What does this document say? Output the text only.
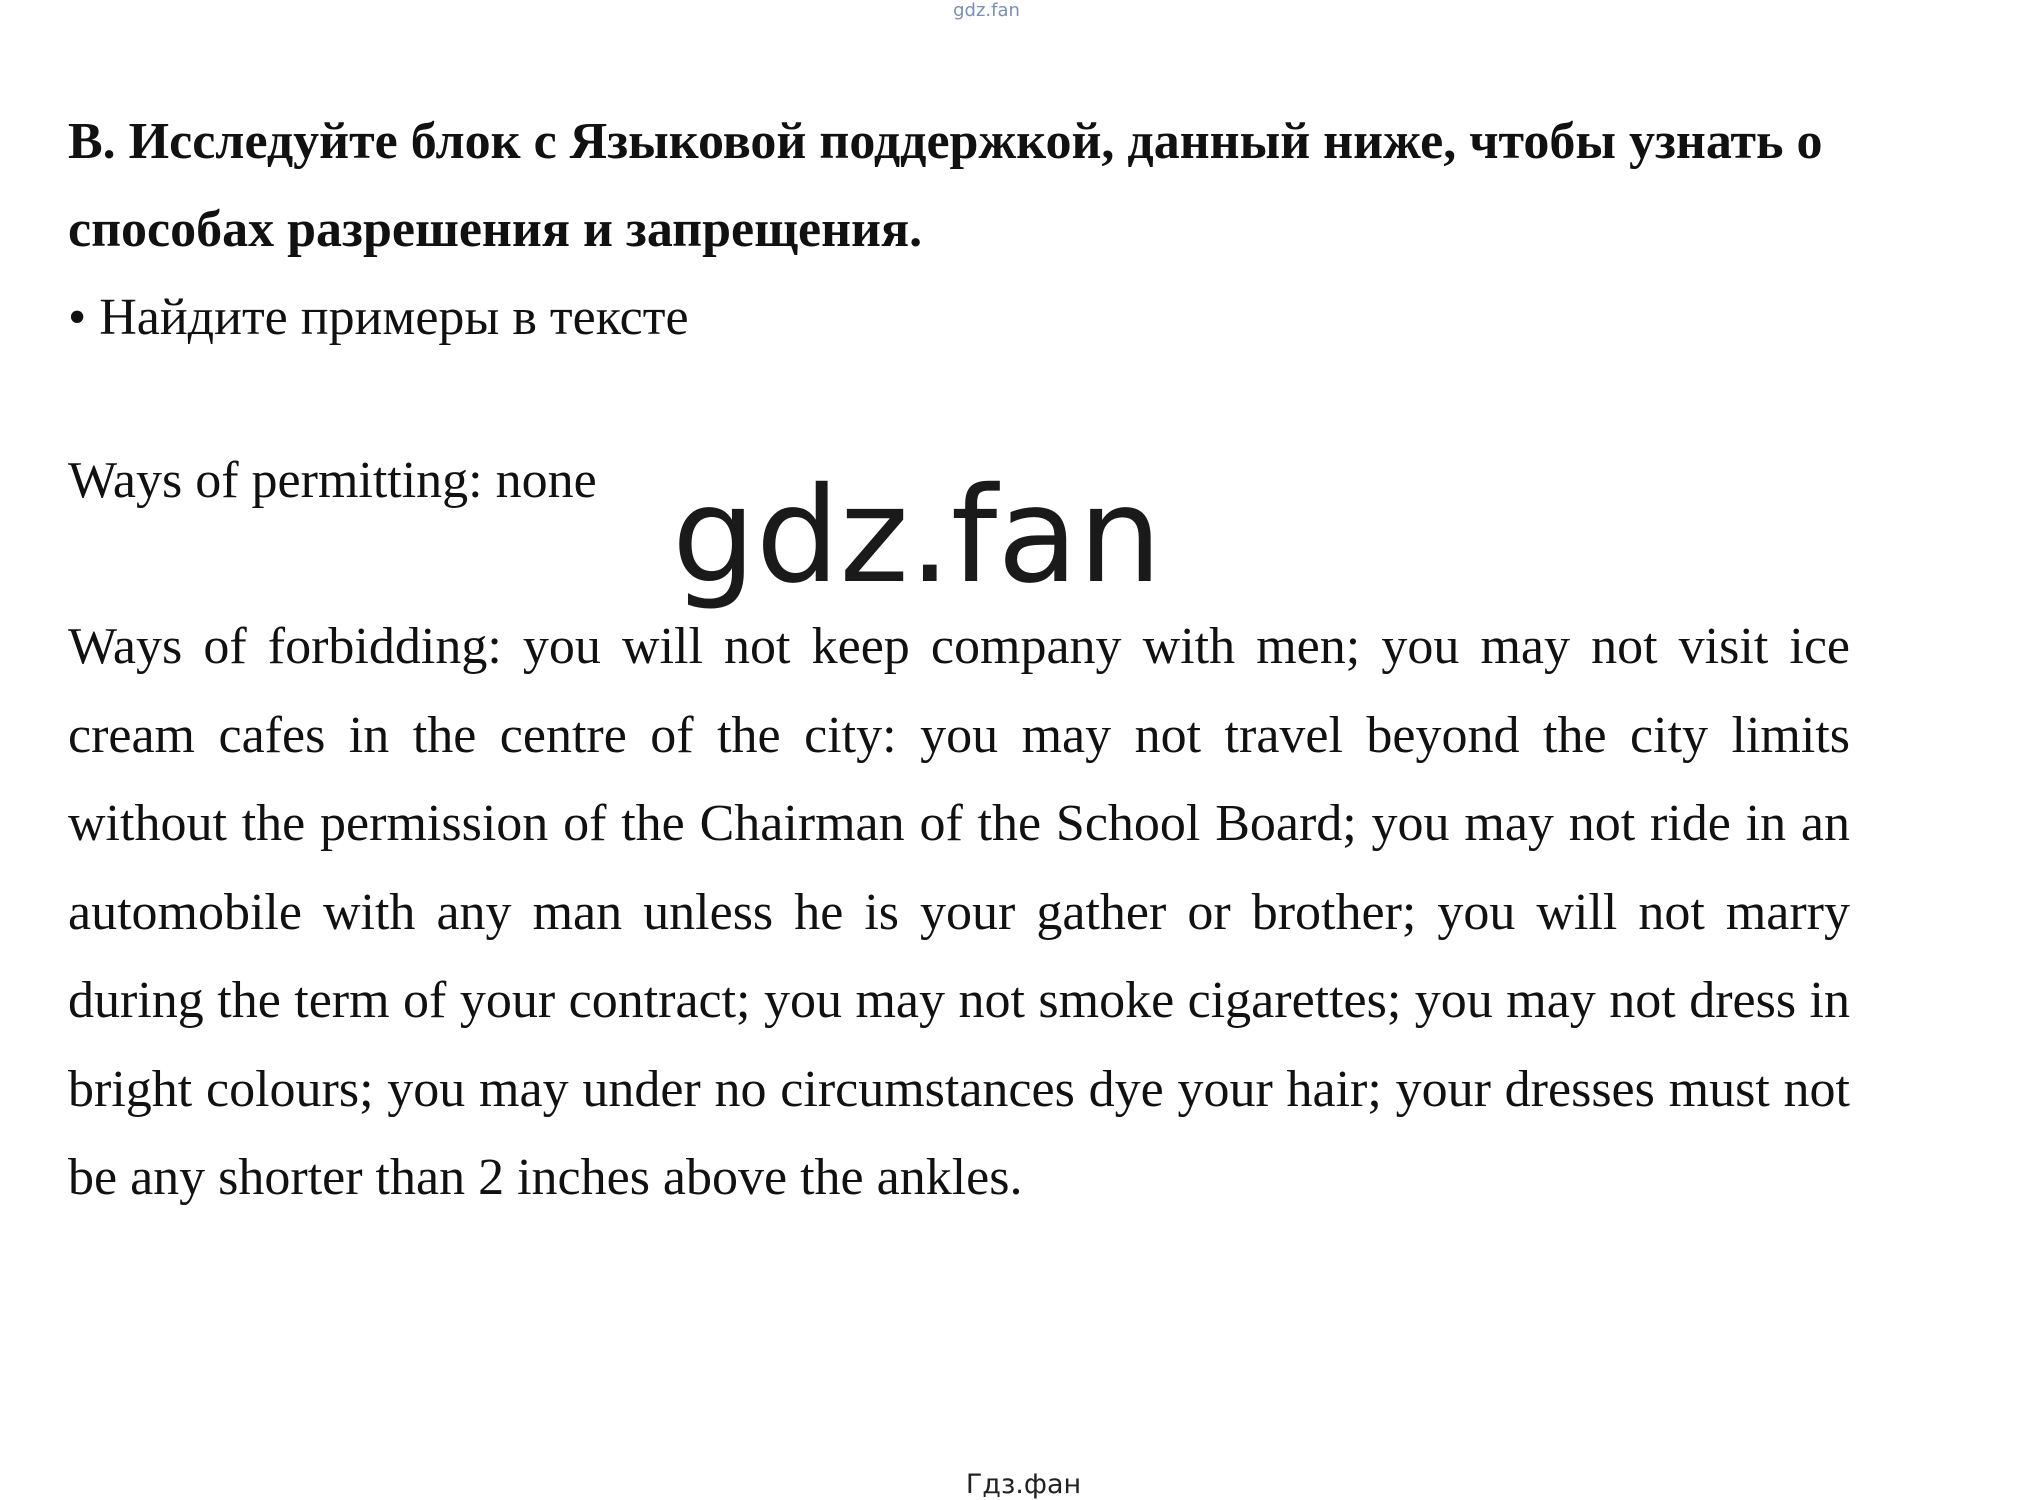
gdz.fan

B. Исследуйте блок с Языковой поддержкой, данный ниже, чтобы узнать о способах разрешения и запрещения.

• Найдите примеры в тексте

Ways of permitting: none gdz.fan

Ways of forbidding: you will not keep company with men; you may not visit ice cream cafes in the centre of the city: you may not travel beyond the city limits without the permission of the Chairman of the School Board; you may not ride in an automobile with any man unless he is your gather or brother; you will not marry during the term of your contract; you may not smoke cigarettes; you may not dress in bright colours; you may under no circumstances dye your hair; your dresses must not be any shorter than 2 inches above the ankles.

Гдз.фан
